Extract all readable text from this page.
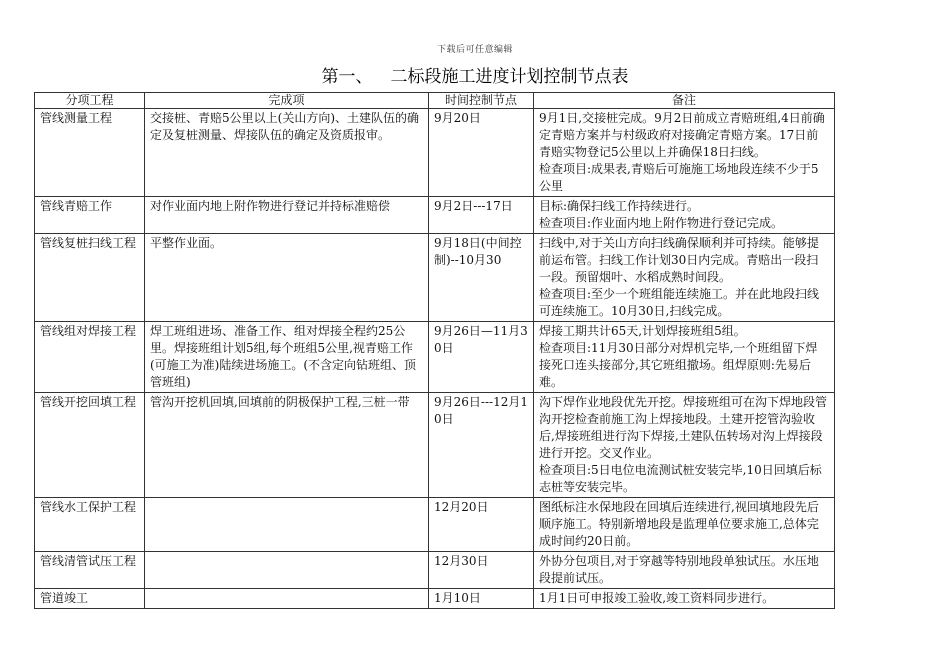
下载后可任意编辑
第一、 二标段施工进度计划控制节点表
分项工程	完成项	时间控制节点	备注
管线测量工程	交接桩、青赔5公里以上(关山方向)、土建队伍的确定及复桩测量、焊接队伍的确定及资质报审。	9月20日	9月1日,交接桩完成。9月2日前成立青赔班组,4日前确定青赔方案并与村级政府对接确定青赔方案。17日前青赔实物登记5公里以上并确保18日扫线。
检查项目:成果表,青赔后可施施工场地段连续不少于5公里

管线青赔工作	对作业面内地上附作物进行登记并持标准赔偿	9月2日---17日	目标:确保扫线工作持续进行。
检查项目:作业面内地上附作物进行登记完成。

管线复桩扫线工程	平整作业面。	9月18日(中间控制)--10月30	扫线中,对于关山方向扫线确保顺利并可持续。能够提前运布管。扫线工作计划30日内完成。青赔出一段扫一段。预留烟叶、水稻成熟时间段。
检查项目:至少一个班组能连续施工。并在此地段扫线可连续施工。10月30日,扫线完成。

管线组对焊接工程	焊工班组进场、准备工作、组对焊接全程约25公里。焊接班组计划5组,每个班组5公里,视青赔工作(可施工为准)陆续进场施工。(不含定向钻班组、顶管班组)	9月26日—11月30日	焊接工期共计65天,计划焊接班组5组。
检查项目:11月30日部分对焊机完毕,一个班组留下焊接死口连头接部分,其它班组撤场。组焊原则:先易后难。

管线开挖回填工程	管沟开挖机回填,回填前的阴极保护工程,三桩一带	9月26日---12月10日	沟下焊作业地段优先开挖。焊接班组可在沟下焊地段管沟开挖检查前施工沟上焊接地段。土建开挖管沟验收后,焊接班组进行沟下焊接,土建队伍转场对沟上焊接段进行开挖。交叉作业。
检查项目:5日电位电流测试桩安装完毕,10日回填后标志桩等安装完毕。

管线水工保护工程		12月20日	图纸标注水保地段在回填后连续进行,视回填地段先后顺序施工。特别新增地段是监理单位要求施工,总体完成时间约20日前。

管线清管试压工程		12月30日	外协分包项目,对于穿越等特别地段单独试压。水压地段提前试压。

管道竣工		1月10日	1月1日可申报竣工验收,竣工资料同步进行。
